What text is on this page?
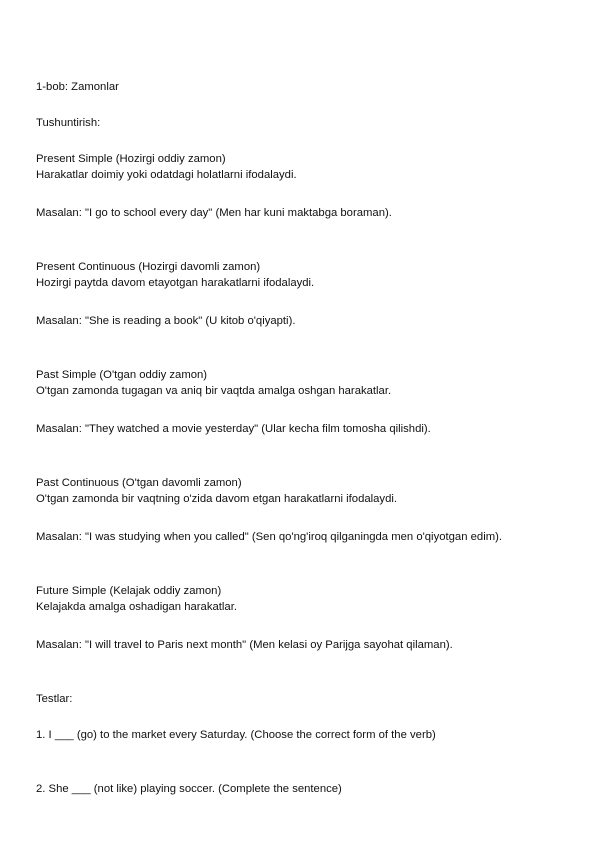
1-bob: Zamonlar
Tushuntirish:
Present Simple (Hozirgi oddiy zamon)
Harakatlar doimiy yoki odatdagi holatlarni ifodalaydi.
Masalan: "I go to school every day" (Men har kuni maktabga boraman).
Present Continuous (Hozirgi davomli zamon)
Hozirgi paytda davom etayotgan harakatlarni ifodalaydi.
Masalan: "She is reading a book" (U kitob o'qiyapti).
Past Simple (O'tgan oddiy zamon)
O'tgan zamonda tugagan va aniq bir vaqtda amalga oshgan harakatlar.
Masalan: "They watched a movie yesterday" (Ular kecha film tomosha qilishdi).
Past Continuous (O'tgan davomli zamon)
O'tgan zamonda bir vaqtning o'zida davom etgan harakatlarni ifodalaydi.
Masalan: "I was studying when you called" (Sen qo'ng'iroq qilganingda men o'qiyotgan edim).
Future Simple (Kelajak oddiy zamon)
Kelajakda amalga oshadigan harakatlar.
Masalan: "I will travel to Paris next month" (Men kelasi oy Parijga sayohat qilaman).
Testlar:
1. I ___ (go) to the market every Saturday. (Choose the correct form of the verb)
2. She ___ (not like) playing soccer. (Complete the sentence)
